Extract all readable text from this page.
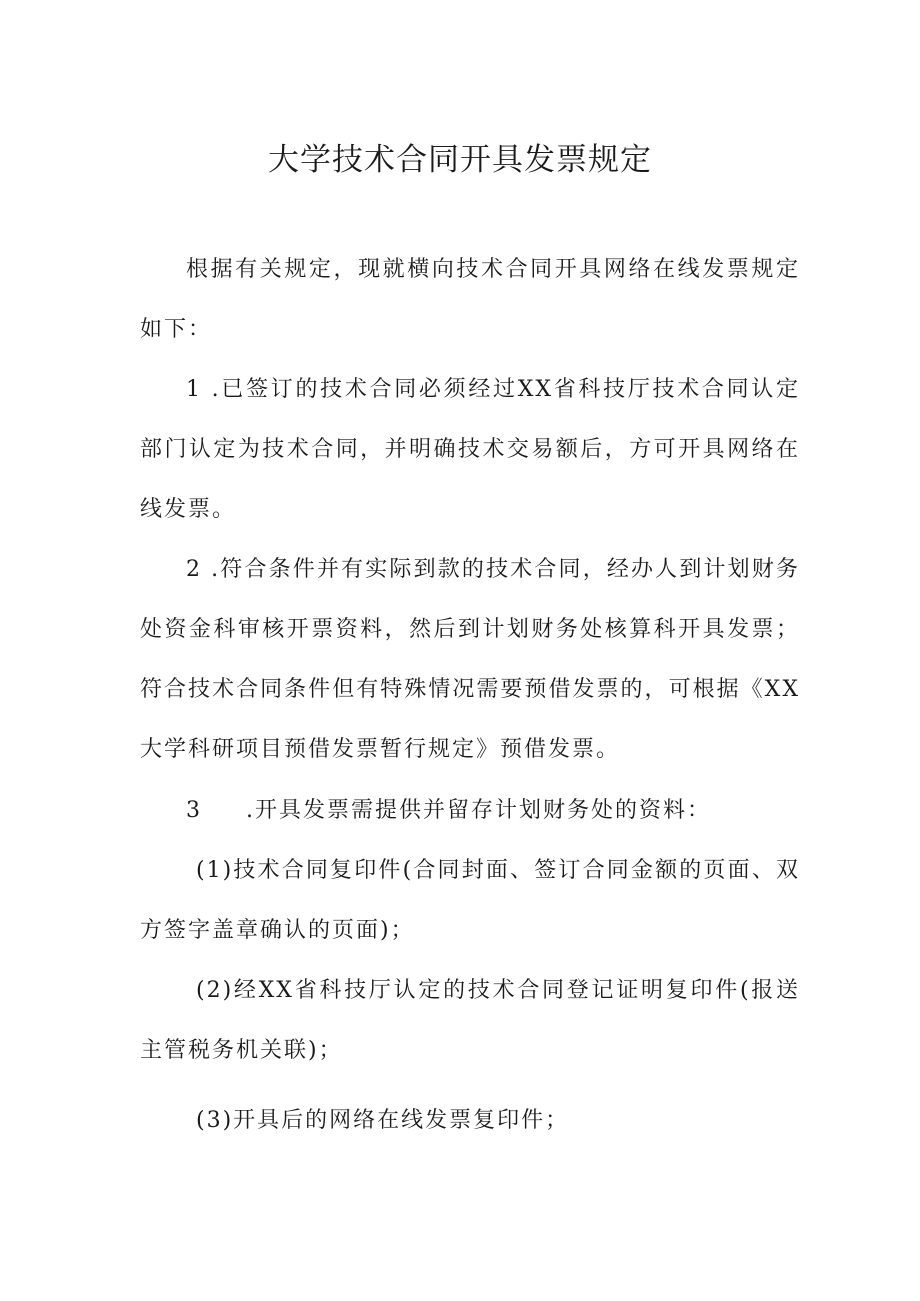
大学技术合同开具发票规定

根据有关规定，现就横向技术合同开具网络在线发票规定如下：

1 .已签订的技术合同必须经过XX省科技厅技术合同认定部门认定为技术合同，并明确技术交易额后，方可开具网络在线发票。

2 .符合条件并有实际到款的技术合同，经办人到计划财务处资金科审核开票资料，然后到计划财务处核算科开具发票；符合技术合同条件但有特殊情况需要预借发票的，可根据《XX大学科研项目预借发票暂行规定》预借发票。

3 .开具发票需提供并留存计划财务处的资料：

(1)技术合同复印件(合同封面、签订合同金额的页面、双方签字盖章确认的页面)；

(2)经XX省科技厅认定的技术合同登记证明复印件(报送主管税务机关联)；

(3)开具后的网络在线发票复印件；
